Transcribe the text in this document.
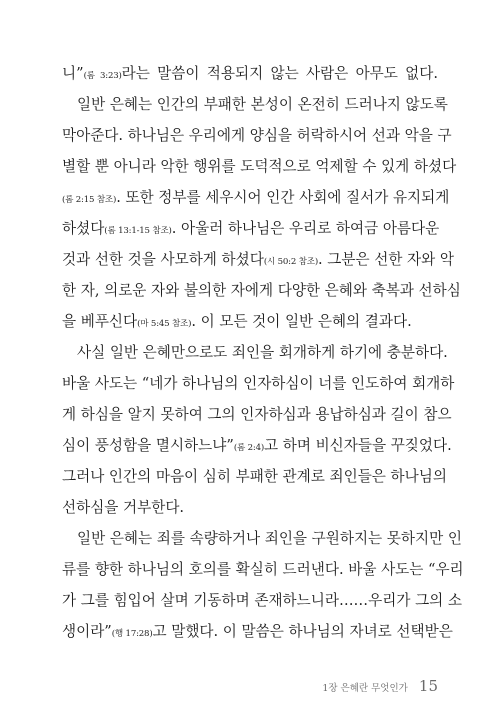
니”(롬 3:23)라는 말씀이 적용되지 않는 사람은 아무도 없다.
일반 은혜는 인간의 부패한 본성이 온전히 드러나지 않도록
막아준다. 하나님은 우리에게 양심을 허락하시어 선과 악을 구
별할 뿐 아니라 악한 행위를 도덕적으로 억제할 수 있게 하셨다
(롬 2:15 참조). 또한 정부를 세우시어 인간 사회에 질서가 유지되게
하셨다(롬 13:1-15 참조). 아울러 하나님은 우리로 하여금 아름다운
것과 선한 것을 사모하게 하셨다(시 50:2 참조). 그분은 선한 자와 악
한 자, 의로운 자와 불의한 자에게 다양한 은혜와 축복과 선하심
을 베푸신다(마 5:45 참조). 이 모든 것이 일반 은혜의 결과다.
사실 일반 은혜만으로도 죄인을 회개하게 하기에 충분하다.
바울 사도는 “네가 하나님의 인자하심이 너를 인도하여 회개하
게 하심을 알지 못하여 그의 인자하심과 용납하심과 길이 참으
심이 풍성함을 멸시하느냐”(롬 2:4)고 하며 비신자들을 꾸짖었다.
그러나 인간의 마음이 심히 부패한 관계로 죄인들은 하나님의
선하심을 거부한다.
일반 은혜는 죄를 속량하거나 죄인을 구원하지는 못하지만 인
류를 향한 하나님의 호의를 확실히 드러낸다. 바울 사도는 “우리
가 그를 힘입어 살며 기동하며 존재하느니라……우리가 그의 소
생이라”(행 17:28)고 말했다. 이 말씀은 하나님의 자녀로 선택받은
1장 은혜란 무엇인가 15
